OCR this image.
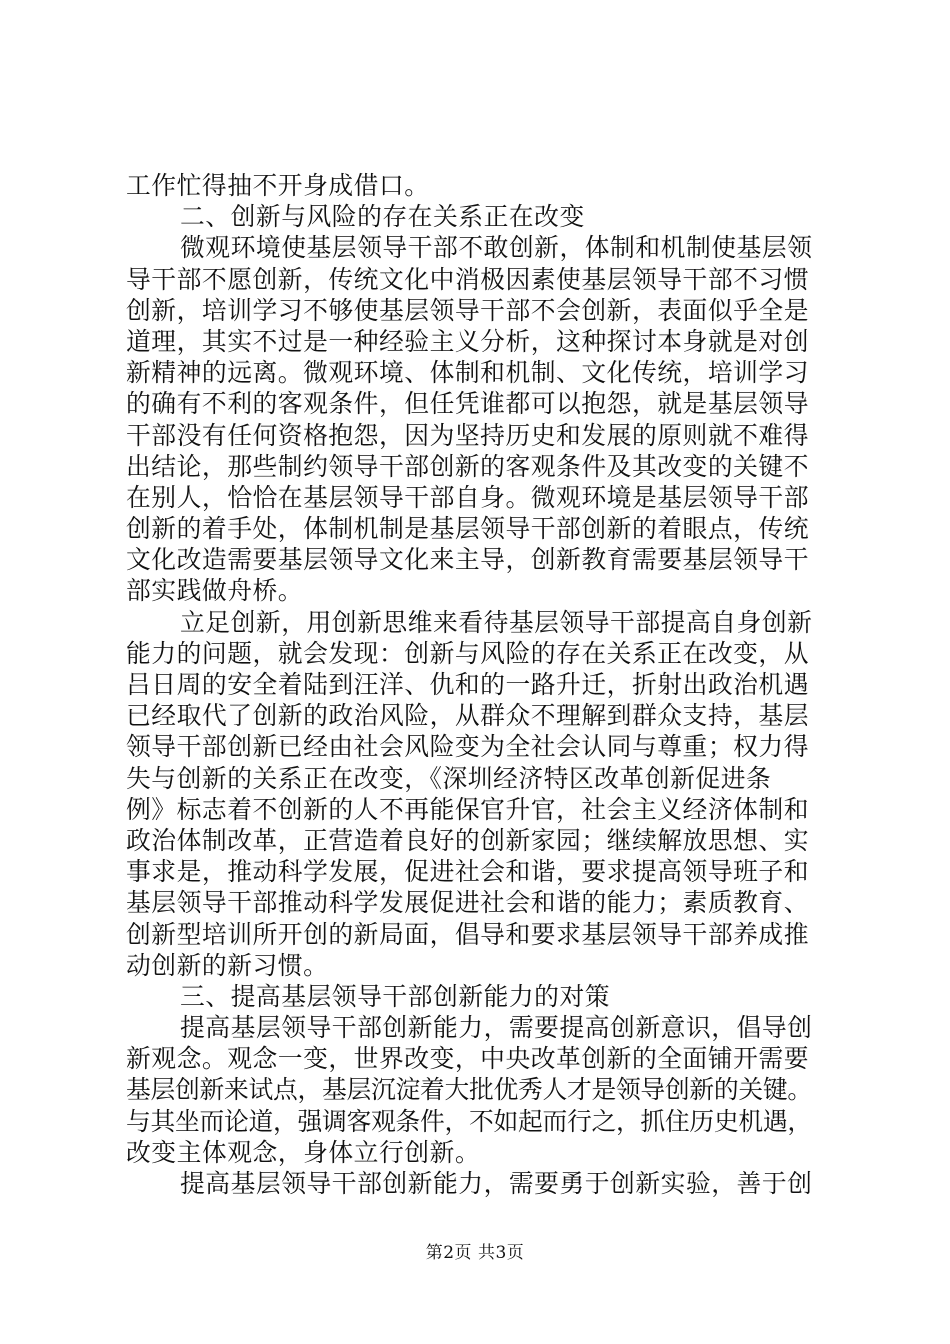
工作忙得抽不开身成借口。
二、创新与风险的存在关系正在改变
微观环境使基层领导干部不敢创新，体制和机制使基层领
导干部不愿创新，传统文化中消极因素使基层领导干部不习惯
创新，培训学习不够使基层领导干部不会创新，表面似乎全是
道理，其实不过是一种经验主义分析，这种探讨本身就是对创
新精神的远离。微观环境、体制和机制、文化传统，培训学习
的确有不利的客观条件，但任凭谁都可以抱怨，就是基层领导
干部没有任何资格抱怨，因为坚持历史和发展的原则就不难得
出结论，那些制约领导干部创新的客观条件及其改变的关键不
在别人，恰恰在基层领导干部自身。微观环境是基层领导干部
创新的着手处，体制机制是基层领导干部创新的着眼点，传统
文化改造需要基层领导文化来主导，创新教育需要基层领导干
部实践做舟桥。
立足创新，用创新思维来看待基层领导干部提高自身创新
能力的问题，就会发现：创新与风险的存在关系正在改变，从
吕日周的安全着陆到汪洋、仇和的一路升迁，折射出政治机遇
已经取代了创新的政治风险，从群众不理解到群众支持，基层
领导干部创新已经由社会风险变为全社会认同与尊重；权力得
失与创新的关系正在改变，《深圳经济特区改革创新促进条
例》标志着不创新的人不再能保官升官，社会主义经济体制和
政治体制改革，正营造着良好的创新家园；继续解放思想、实
事求是，推动科学发展，促进社会和谐，要求提高领导班子和
基层领导干部推动科学发展促进社会和谐的能力；素质教育、
创新型培训所开创的新局面，倡导和要求基层领导干部养成推
动创新的新习惯。
三、提高基层领导干部创新能力的对策
提高基层领导干部创新能力，需要提高创新意识，倡导创
新观念。观念一变，世界改变，中央改革创新的全面铺开需要
基层创新来试点，基层沉淀着大批优秀人才是领导创新的关键。
与其坐而论道，强调客观条件，不如起而行之，抓住历史机遇，
改变主体观念，身体立行创新。
提高基层领导干部创新能力，需要勇于创新实验，善于创
第2页 共3页
